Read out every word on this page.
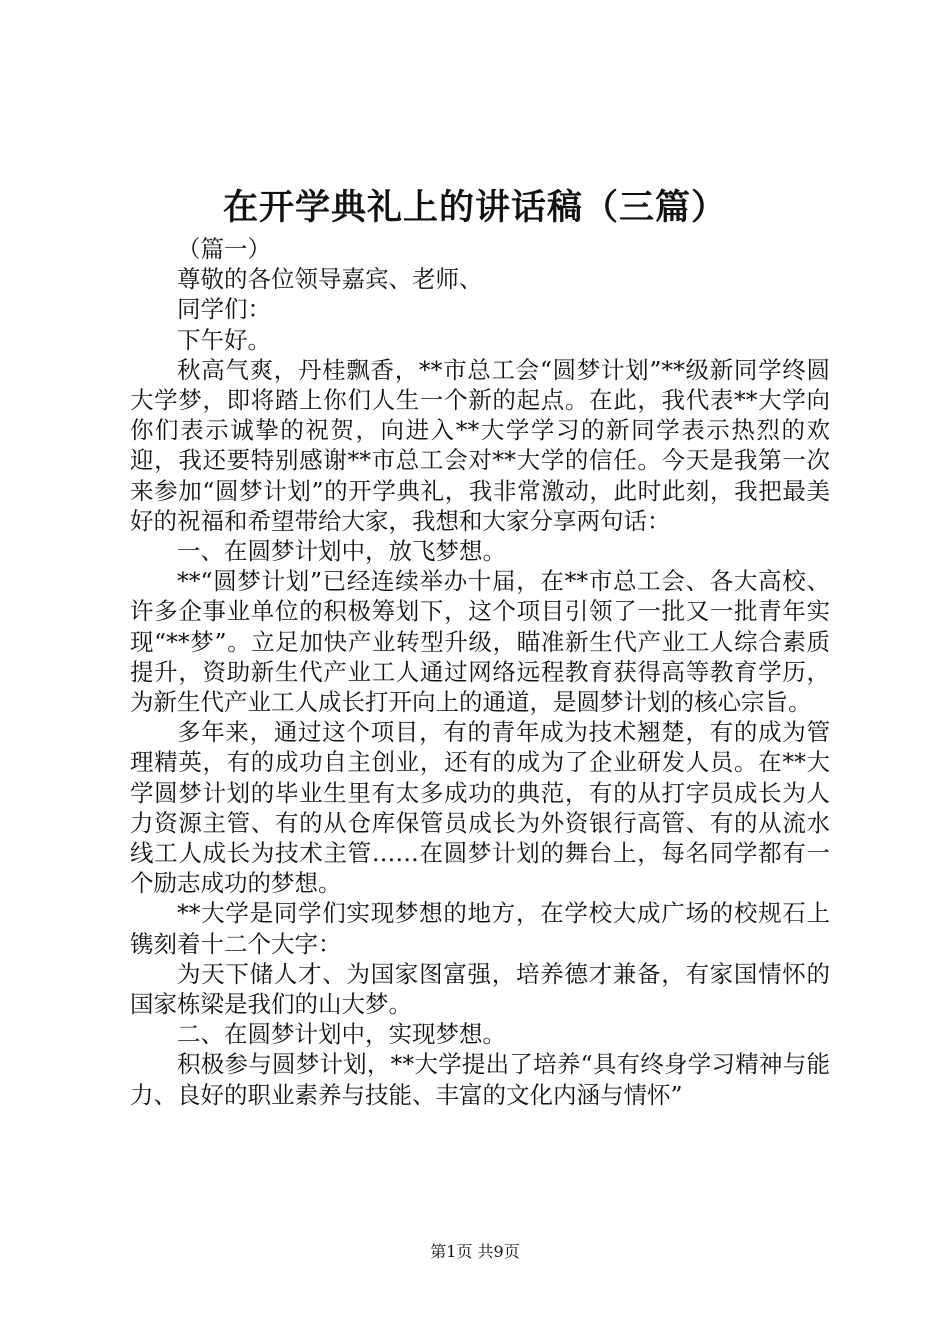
在开学典礼上的讲话稿（三篇）

（篇一）

尊敬的各位领导嘉宾、老师、

同学们：

下午好。

秋高气爽，丹桂飘香，**市总工会“圆梦计划”**级新同学终圆大学梦，即将踏上你们人生一个新的起点。在此，我代表**大学向你们表示诚挚的祝贺，向进入**大学学习的新同学表示热烈的欢迎，我还要特别感谢**市总工会对**大学的信任。今天是我第一次来参加“圆梦计划”的开学典礼，我非常激动，此时此刻，我把最美好的祝福和希望带给大家，我想和大家分享两句话：

一、在圆梦计划中，放飞梦想。

**“圆梦计划”已经连续举办十届，在**市总工会、各大高校、许多企事业单位的积极筹划下，这个项目引领了一批又一批青年实现“**梦”。立足加快产业转型升级，瞄准新生代产业工人综合素质提升，资助新生代产业工人通过网络远程教育获得高等教育学历，为新生代产业工人成长打开向上的通道，是圆梦计划的核心宗旨。

多年来，通过这个项目，有的青年成为技术翘楚，有的成为管理精英，有的成功自主创业，还有的成为了企业研发人员。在**大学圆梦计划的毕业生里有太多成功的典范，有的从打字员成长为人力资源主管、有的从仓库保管员成长为外资银行高管、有的从流水线工人成长为技术主管……在圆梦计划的舞台上，每名同学都有一个励志成功的梦想。

**大学是同学们实现梦想的地方，在学校大成广场的校规石上镌刻着十二个大字：

为天下储人才、为国家图富强，培养德才兼备，有家国情怀的国家栋梁是我们的山大梦。

二、在圆梦计划中，实现梦想。

积极参与圆梦计划，**大学提出了培养“具有终身学习精神与能力、良好的职业素养与技能、丰富的文化内涵与情怀”

第1页 共9页
